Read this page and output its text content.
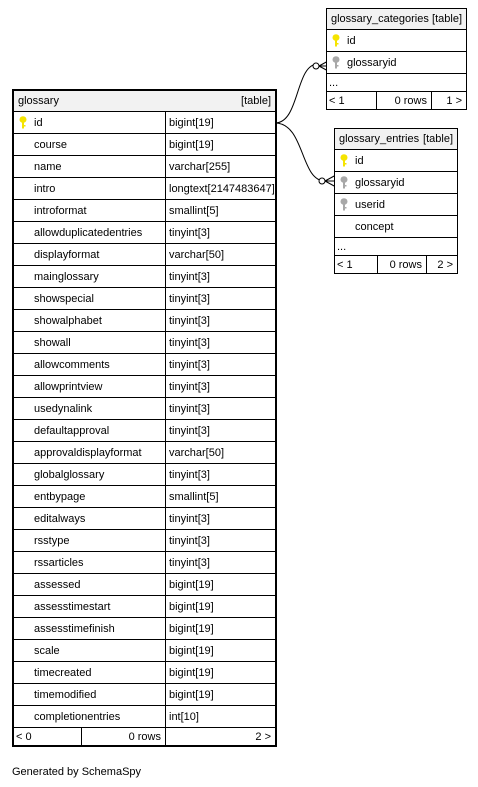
glossary	[table]
id	bigint[19]
course	bigint[19]
name	varchar[255]
intro	longtext[2147483647]
introformat	smallint[5]
allowduplicatedentries	tinyint[3]
displayformat	varchar[50]
mainglossary	tinyint[3]
showspecial	tinyint[3]
showalphabet	tinyint[3]
showall	tinyint[3]
allowcomments	tinyint[3]
allowprintview	tinyint[3]
usedynalink	tinyint[3]
defaultapproval	tinyint[3]
approvaldisplayformat	varchar[50]
globalglossary	tinyint[3]
entbypage	smallint[5]
editalways	tinyint[3]
rsstype	tinyint[3]
rssarticles	tinyint[3]
assessed	bigint[19]
assesstimestart	bigint[19]
assesstimefinish	bigint[19]
scale	bigint[19]
timecreated	bigint[19]
timemodified	bigint[19]
completionentries	int[10]
< 0	0 rows	2 >
glossary_categories [table]
id
glossaryid
...
< 1	0 rows	1 >
glossary_entries [table]
id
glossaryid
userid
concept
...
< 1	0 rows	2 >
Generated by SchemaSpy
